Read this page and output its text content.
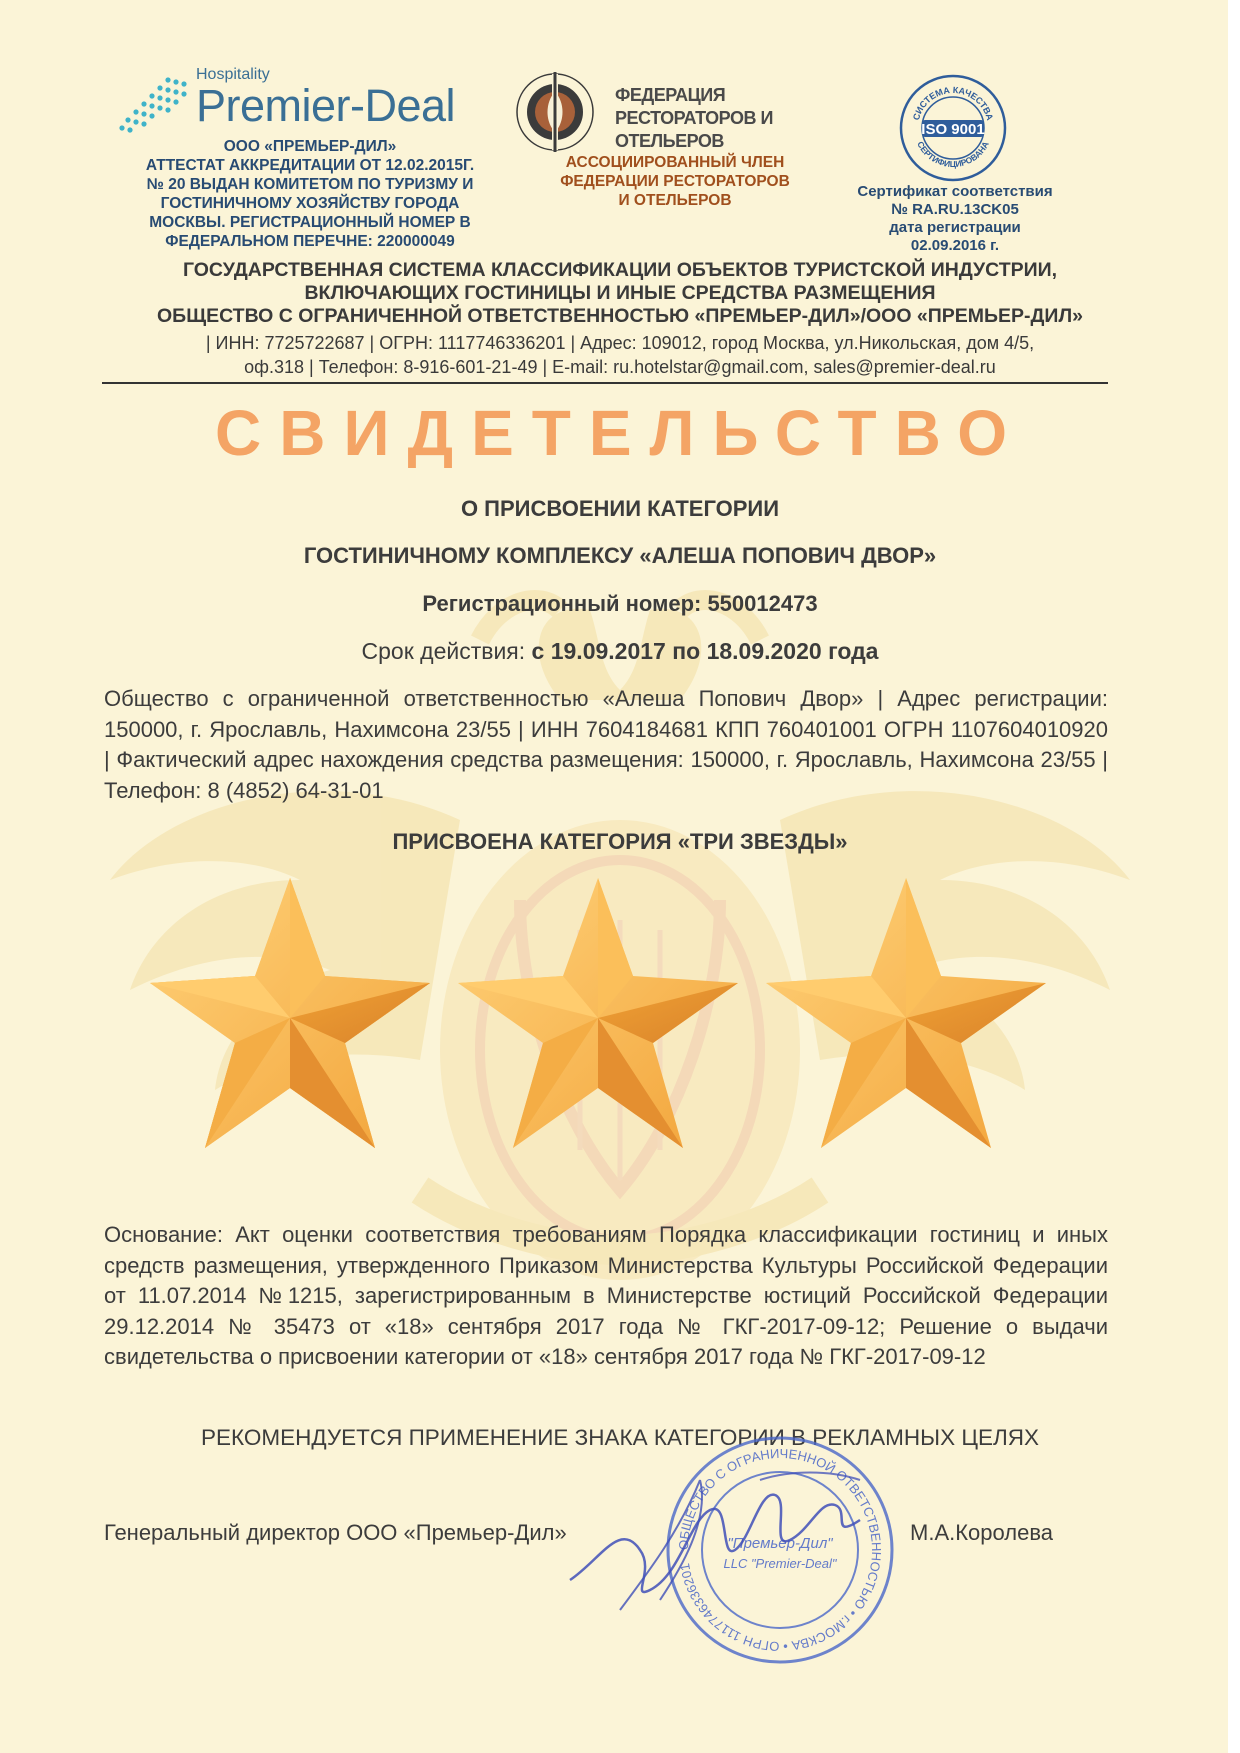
Hospitality
Premier-Deal
ООО «ПРЕМЬЕР-ДИЛ»
АТТЕСТАТ АККРЕДИТАЦИИ ОТ 12.02.2015Г.
№ 20 ВЫДАН КОМИТЕТОМ ПО ТУРИЗМУ И
ГОСТИНИЧНОМУ ХОЗЯЙСТВУ ГОРОДА
МОСКВЫ. РЕГИСТРАЦИОННЫЙ НОМЕР В
ФЕДЕРАЛЬНОМ ПЕРЕЧНЕ: 220000049
ФЕДЕРАЦИЯ
РЕСТОРАТОРОВ И ОТЕЛЬЕРОВ
АССОЦИИРОВАННЫЙ ЧЛЕН
ФЕДЕРАЦИИ РЕСТОРАТОРОВ
И ОТЕЛЬЕРОВ
СИСТЕМА КАЧЕСТВА
ISO 9001
СЕРТИФИЦИРОВАНА
Сертификат соответствия
№ RA.RU.13CK05
дата регистрации
02.09.2016 г.
ГОСУДАРСТВЕННАЯ СИСТЕМА КЛАССИФИКАЦИИ ОБЪЕКТОВ ТУРИСТСКОЙ ИНДУСТРИИ,
ВКЛЮЧАЮЩИХ ГОСТИНИЦЫ И ИНЫЕ СРЕДСТВА РАЗМЕЩЕНИЯ
ОБЩЕСТВО С ОГРАНИЧЕННОЙ ОТВЕТСТВЕННОСТЬЮ «ПРЕМЬЕР-ДИЛ»/ООО «ПРЕМЬЕР-ДИЛ»
| ИНН: 7725722687 | ОГРН: 1117746336201 | Адрес: 109012, город Москва, ул.Никольская, дом 4/5,
оф.318 | Телефон: 8-916-601-21-49 | E-mail: ru.hotelstar@gmail.com, sales@premier-deal.ru
СВИДЕТЕЛЬСТВО
О ПРИСВОЕНИИ КАТЕГОРИИ
ГОСТИНИЧНОМУ КОМПЛЕКСУ «АЛЕША ПОПОВИЧ ДВОР»
Регистрационный номер: 550012473
Срок действия: с 19.09.2017 по 18.09.2020 года
Общество с ограниченной ответственностью «Алеша Попович Двор» | Адрес регистрации: 150000, г. Ярославль, Нахимсона 23/55 | ИНН 7604184681 КПП 760401001 ОГРН 1107604010920 | Фактический адрес нахождения средства размещения: 150000, г. Ярославль, Нахимсона 23/55 | Телефон: 8 (4852) 64-31-01
ПРИСВОЕНА КАТЕГОРИЯ «ТРИ ЗВЕЗДЫ»
Основание: Акт оценки соответствия требованиям Порядка классификации гостиниц и иных средств размещения, утвержденного Приказом Министерства Культуры Российской Федерации от 11.07.2014 №1215, зарегистрированным в Министерстве юстиций Российской Федерации 29.12.2014 № 35473 от «18» сентября 2017 года № ГКГ-2017-09-12; Решение о выдачи свидетельства о присвоении категории от «18» сентября 2017 года № ГКГ-2017-09-12
РЕКОМЕНДУЕТСЯ ПРИМЕНЕНИЕ ЗНАКА КАТЕГОРИИ В РЕКЛАМНЫХ ЦЕЛЯХ
Генеральный директор ООО «Премьер-Дил»	М.А.Королева
ОБЩЕСТВО С ОГРАНИЧЕННОЙ ОТВЕТСТВЕННОСТЬЮ • г.МОСКВА • ОГРН 1117746336201
"Премьер-Дил"
LLC "Premier-Deal"
